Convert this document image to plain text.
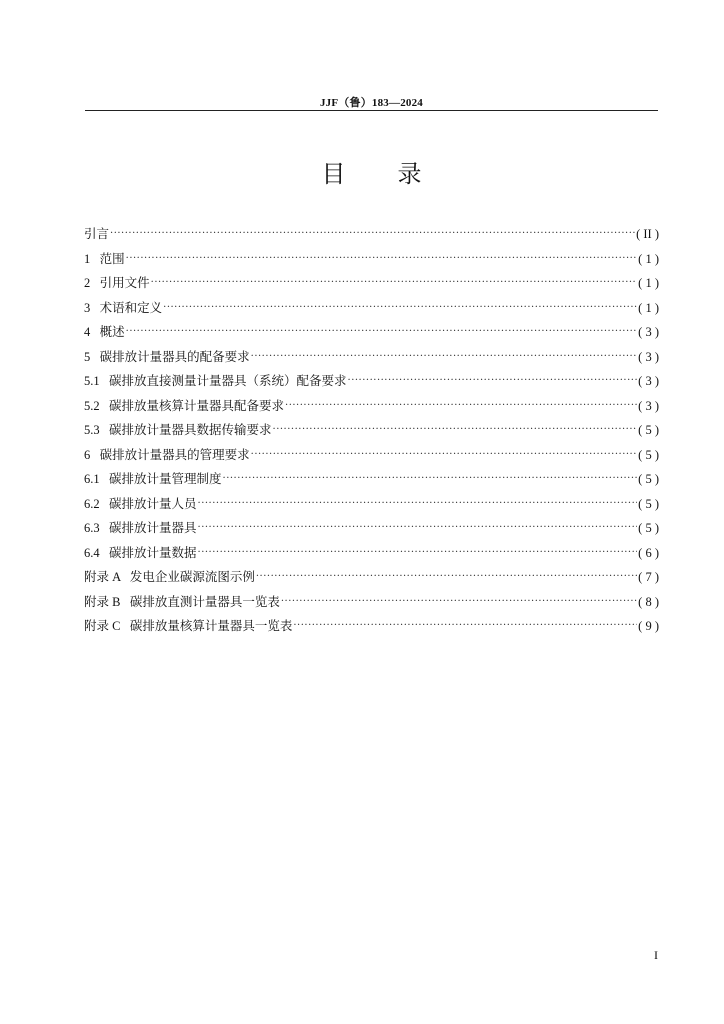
JJF（鲁）183—2024
目 录
引言 ·····	( II )
1 范围 ·····	( 1 )
2 引用文件 ·····	( 1 )
3 术语和定义 ·····	( 1 )
4 概述 ·····	( 3 )
5 碳排放计量器具的配备要求 ·····	( 3 )
5.1 碳排放直接测量计量器具（系统）配备要求 ·····	( 3 )
5.2 碳排放量核算计量器具配备要求 ·····	( 3 )
5.3 碳排放计量器具数据传输要求 ·····	( 5 )
6 碳排放计量器具的管理要求 ·····	( 5 )
6.1 碳排放计量管理制度 ·····	( 5 )
6.2 碳排放计量人员 ·····	( 5 )
6.3 碳排放计量器具 ·····	( 5 )
6.4 碳排放计量数据 ·····	( 6 )
附录 A 发电企业碳源流图示例 ·····	( 7 )
附录 B 碳排放直测计量器具一览表 ·····	( 8 )
附录 C 碳排放量核算计量器具一览表 ·····	( 9 )
I
